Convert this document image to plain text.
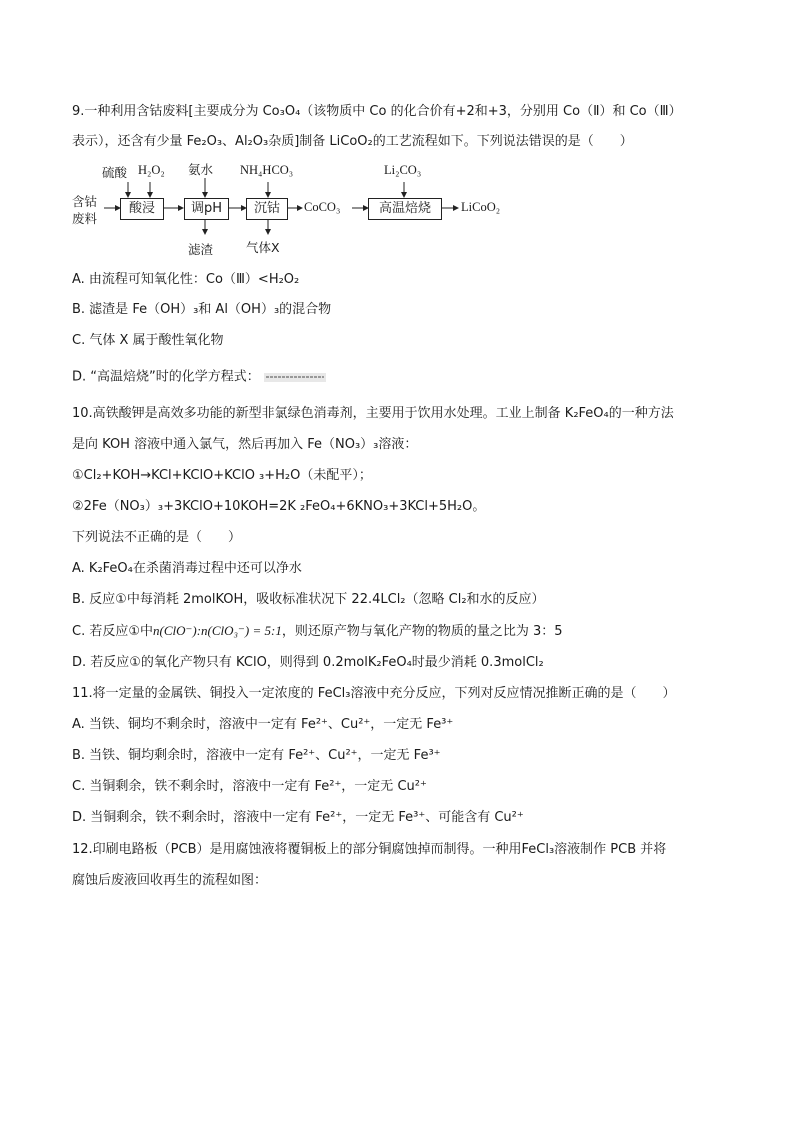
9.一种利用含钴废料[主要成分为 Co₃O₄（该物质中 Co 的化合价有+2和+3，分别用 Co（Ⅱ）和 Co（Ⅲ）
表示），还含有少量 Fe₂O₃、Al₂O₃杂质]制备 LiCoO₂的工艺流程如下。下列说法错误的是（　　）
含钴
废料
酸浸	调pH	沉钴	高温焙烧
硫酸 H₂O₂ 氨水 NH₄HCO₃	Li₂CO₃
CoCO₃	LiCoO₂
滤渣	气体X
A. 由流程可知氧化性：Co（Ⅲ）<H₂O₂
B. 滤渣是 Fe（OH）₃和 Al（OH）₃的混合物
C. 气体 X 属于酸性氧化物
D. “高温焙烧”时的化学方程式：
10.高铁酸钾是高效多功能的新型非氯绿色消毒剂，主要用于饮用水处理。工业上制备 K₂FeO₄的一种方法
是向 KOH 溶液中通入氯气，然后再加入 Fe（NO₃）₃溶液：
①Cl₂+KOH→KCl+KClO+KClO ₃+H₂O（未配平）；
②2Fe（NO₃）₃+3KClO+10KOH=2K ₂FeO₄+6KNO₃+3KCl+5H₂O。
下列说法不正确的是（　　）
A. K₂FeO₄在杀菌消毒过程中还可以净水
B. 反应①中每消耗 2molKOH，吸收标准状况下 22.4LCl₂（忽略 Cl₂和水的反应）
C. 若反应①中n(ClO⁻):n(ClO₃⁻) = 5:1，则还原产物与氧化产物的物质的量之比为 3：5
D. 若反应①的氧化产物只有 KClO，则得到 0.2molK₂FeO₄时最少消耗 0.3molCl₂
11.将一定量的金属铁、铜投入一定浓度的 FeCl₃溶液中充分反应，下列对反应情况推断正确的是（　　）
A. 当铁、铜均不剩余时，溶液中一定有 Fe²⁺、Cu²⁺，一定无 Fe³⁺
B. 当铁、铜均剩余时，溶液中一定有 Fe²⁺、Cu²⁺，一定无 Fe³⁺
C. 当铜剩余，铁不剩余时，溶液中一定有 Fe²⁺，一定无 Cu²⁺
D. 当铜剩余，铁不剩余时，溶液中一定有 Fe²⁺，一定无 Fe³⁺、可能含有 Cu²⁺
12.印刷电路板（PCB）是用腐蚀液将覆铜板上的部分铜腐蚀掉而制得。一种用FeCl₃溶液制作 PCB 并将
腐蚀后废液回收再生的流程如图：
